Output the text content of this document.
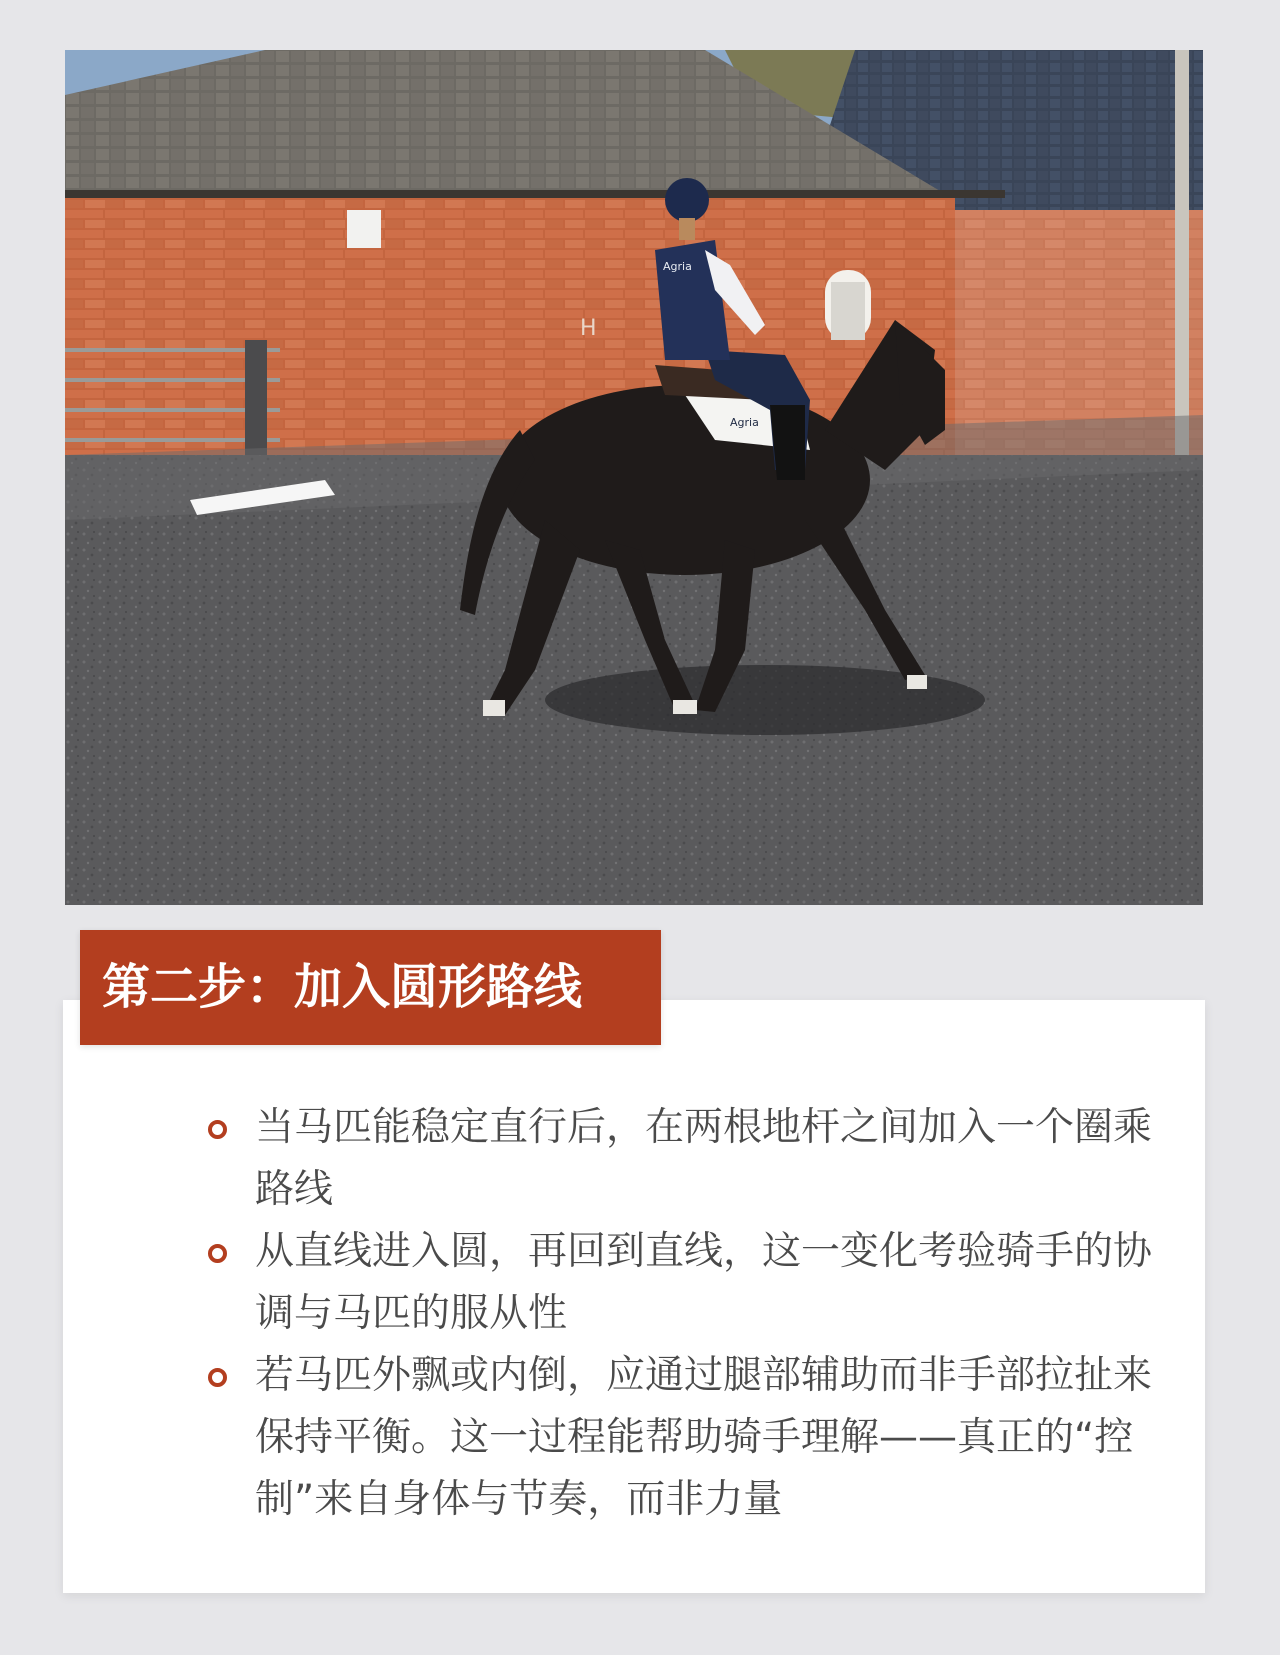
H
Agria
Agria
第二步：加入圆形路线
当马匹能稳定直行后，在两根地杆之间加入一个圈乘路线
从直线进入圆，再回到直线，这一变化考验骑手的协调与马匹的服从性
若马匹外飘或内倒，应通过腿部辅助而非手部拉扯来保持平衡。这一过程能帮助骑手理解——真正的“控制”来自身体与节奏，而非力量
